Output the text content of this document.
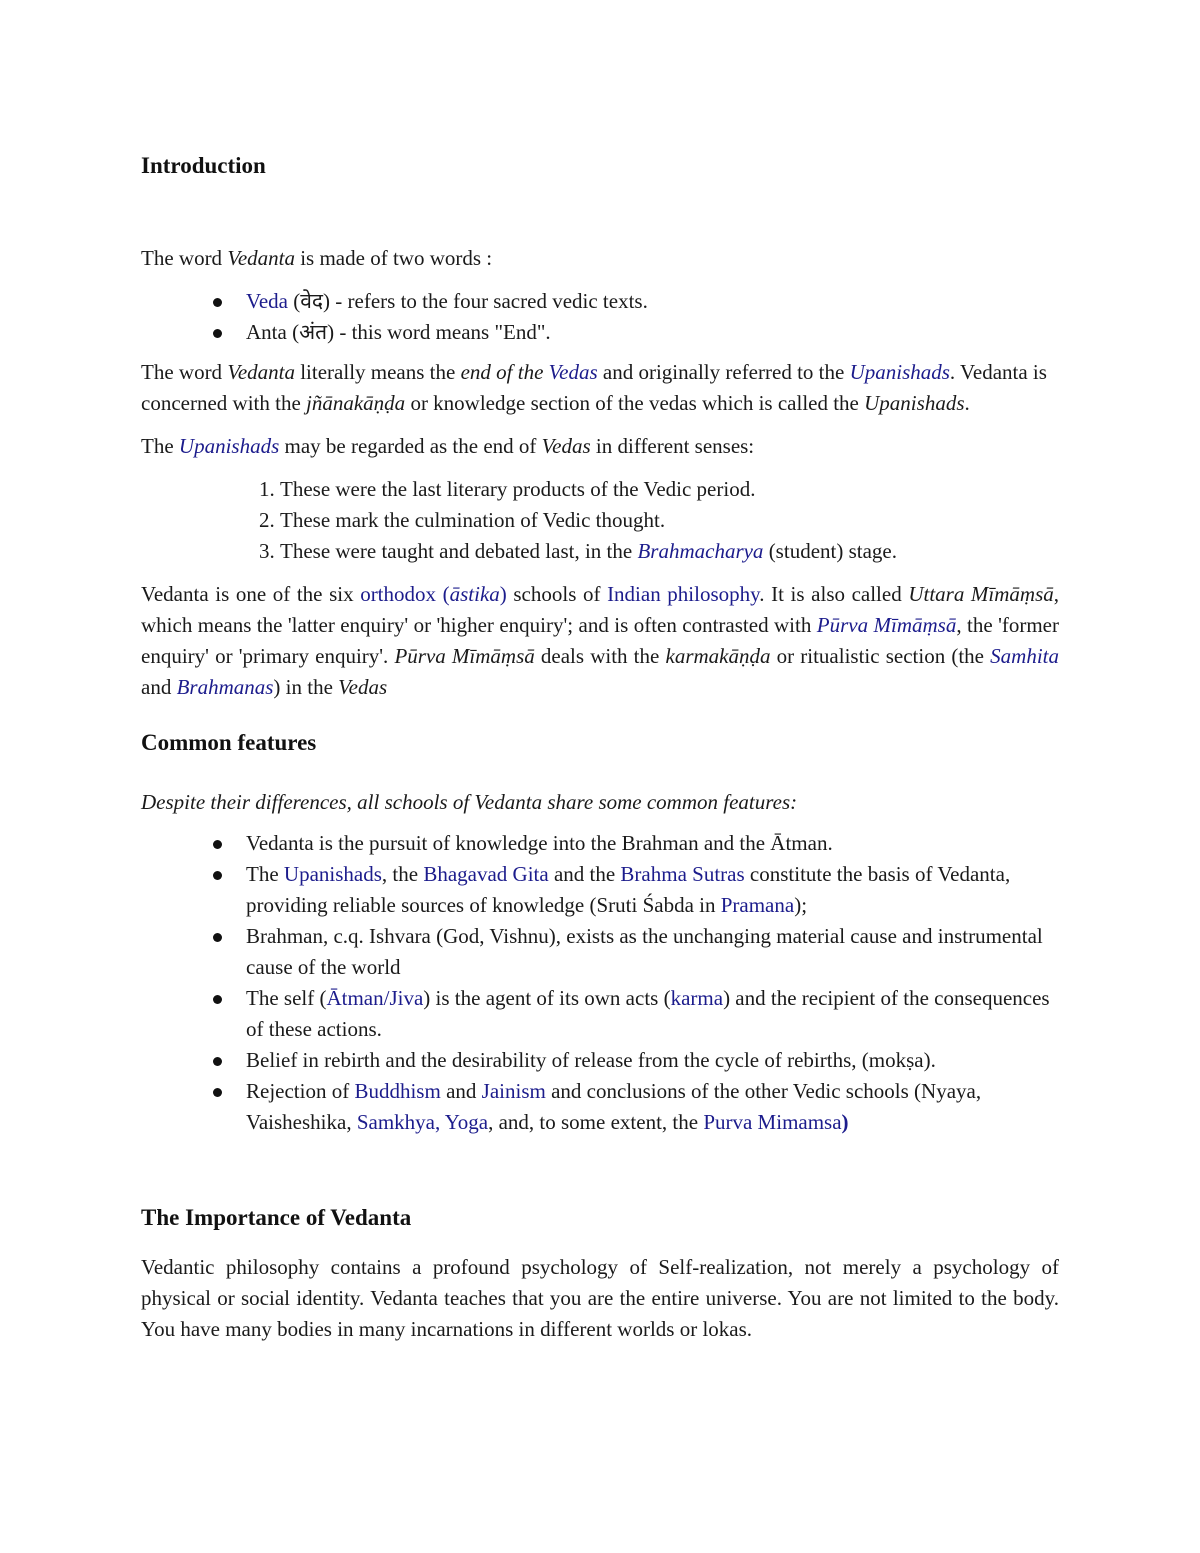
Introduction

The word Vedanta is made of two words :

Veda (वेद) - refers to the four sacred vedic texts.
Anta (अंत) - this word means "End".

The word Vedanta literally means the end of the Vedas and originally referred to the Upanishads. Vedanta is concerned with the jñānakāṇḍa or knowledge section of the vedas which is called the Upanishads.

The Upanishads may be regarded as the end of Vedas in different senses:

1. These were the last literary products of the Vedic period.
2. These mark the culmination of Vedic thought.
3. These were taught and debated last, in the Brahmacharya (student) stage.

Vedanta is one of the six orthodox (āstika) schools of Indian philosophy. It is also called Uttara Mīmāṃsā, which means the 'latter enquiry' or 'higher enquiry'; and is often contrasted with Pūrva Mīmāṃsā, the 'former enquiry' or 'primary enquiry'. Pūrva Mīmāṃsā deals with the karmakāṇḍa or ritualistic section (the Samhita and Brahmanas) in the Vedas

Common features

Despite their differences, all schools of Vedanta share some common features:

Vedanta is the pursuit of knowledge into the Brahman and the Ātman.
The Upanishads, the Bhagavad Gita and the Brahma Sutras constitute the basis of Vedanta, providing reliable sources of knowledge (Sruti Śabda in Pramana);
Brahman, c.q. Ishvara (God, Vishnu), exists as the unchanging material cause and instrumental cause of the world
The self (Ātman/Jiva) is the agent of its own acts (karma) and the recipient of the consequences of these actions.
Belief in rebirth and the desirability of release from the cycle of rebirths, (mokṣa).
Rejection of Buddhism and Jainism and conclusions of the other Vedic schools (Nyaya, Vaisheshika, Samkhya, Yoga, and, to some extent, the Purva Mimamsa)
The Importance of Vedanta

Vedantic philosophy contains a profound psychology of Self-realization, not merely a psychology of physical or social identity. Vedanta teaches that you are the entire universe. You are not limited to the body. You have many bodies in many incarnations in different worlds or lokas.
